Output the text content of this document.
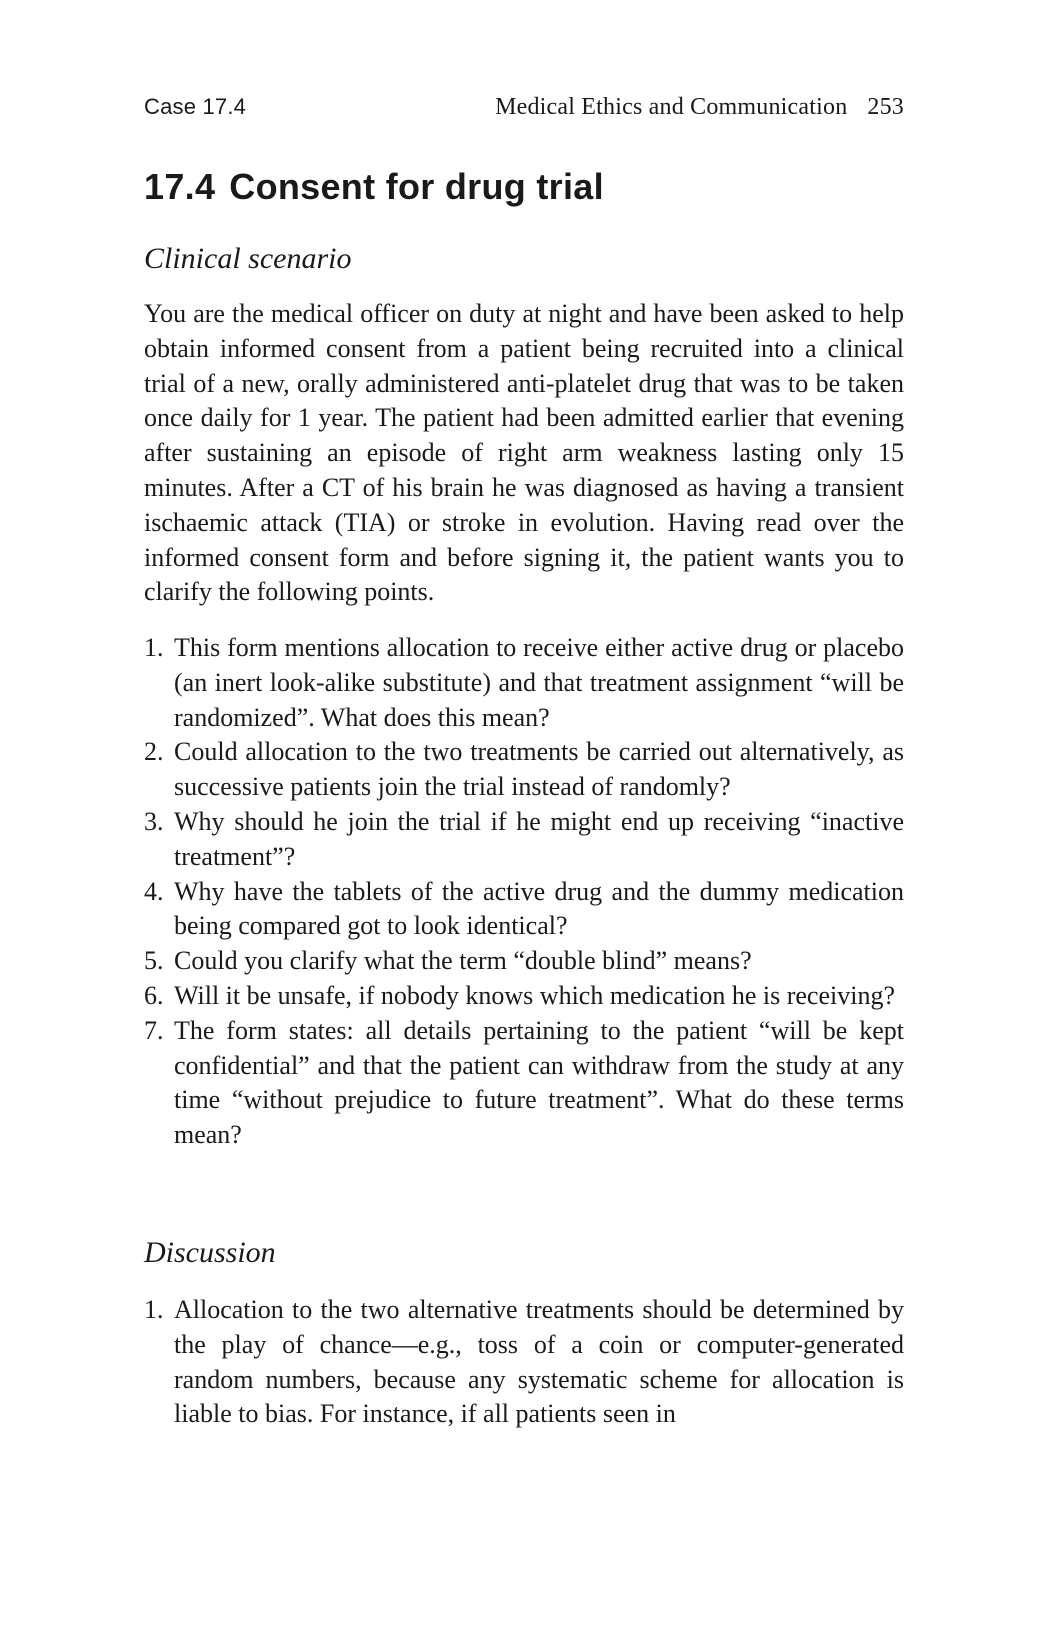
Case 17.4	Medical Ethics and Communication 253
17.4 Consent for drug trial
Clinical scenario

You are the medical officer on duty at night and have been asked to help obtain informed consent from a patient being recruited into a clinical trial of a new, orally administered anti-platelet drug that was to be taken once daily for 1 year. The patient had been admitted earlier that evening after sustaining an episode of right arm weakness lasting only 15 minutes. After a CT of his brain he was diagnosed as having a transient ischaemic attack (TIA) or stroke in evolution. Having read over the informed consent form and before signing it, the patient wants you to clarify the following points.

1. This form mentions allocation to receive either active drug or placebo (an inert look-alike substitute) and that treatment assignment “will be randomized”. What does this mean?
2. Could allocation to the two treatments be carried out alternatively, as successive patients join the trial instead of randomly?
3. Why should he join the trial if he might end up receiving “inactive treatment”?
4. Why have the tablets of the active drug and the dummy medication being compared got to look identical?
5. Could you clarify what the term “double blind” means?
6. Will it be unsafe, if nobody knows which medication he is receiving?
7. The form states: all details pertaining to the patient “will be kept confidential” and that the patient can withdraw from the study at any time “without prejudice to future treatment”. What do these terms mean?
Discussion
1. Allocation to the two alternative treatments should be determined by the play of chance—e.g., toss of a coin or computer-generated random numbers, because any systematic scheme for allocation is liable to bias. For instance, if all patients seen in
